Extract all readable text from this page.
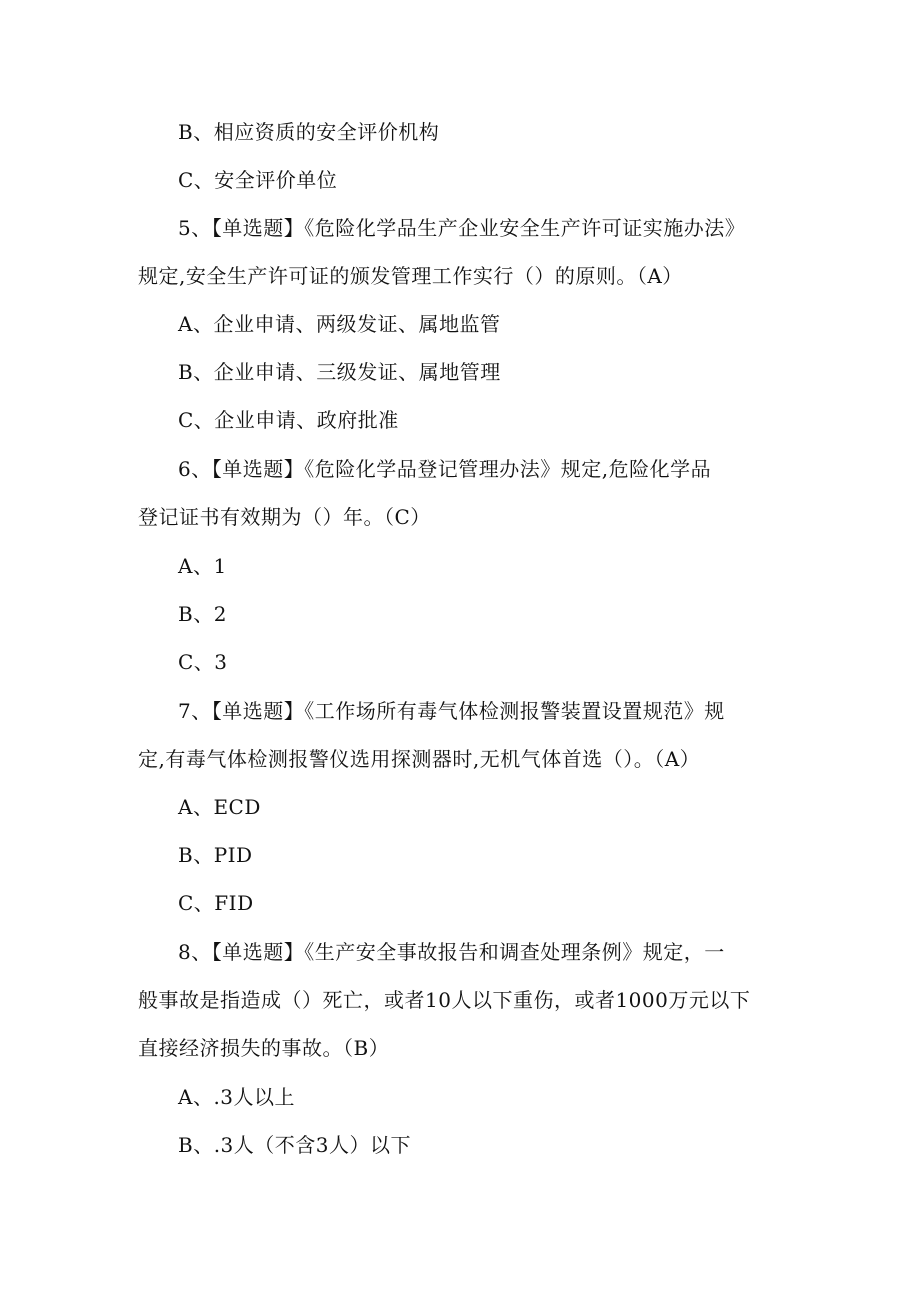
B、相应资质的安全评价机构
C、安全评价单位
5、【单选题】《危险化学品生产企业安全生产许可证实施办法》
规定,安全生产许可证的颁发管理工作实行（）的原则。（A）
A、企业申请、两级发证、属地监管
B、企业申请、三级发证、属地管理
C、企业申请、政府批准
6、【单选题】《危险化学品登记管理办法》规定,危险化学品
登记证书有效期为（）年。（C）
A、1
B、2
C、3
7、【单选题】《工作场所有毒气体检测报警装置设置规范》规
定,有毒气体检测报警仪选用探测器时,无机气体首选（）。（A）
A、ECD
B、PID
C、FID
8、【单选题】《生产安全事故报告和调查处理条例》规定，一
般事故是指造成（）死亡，或者10人以下重伤，或者1000万元以下
直接经济损失的事故。（B）
A、.3人以上
B、.3人（不含3人）以下
